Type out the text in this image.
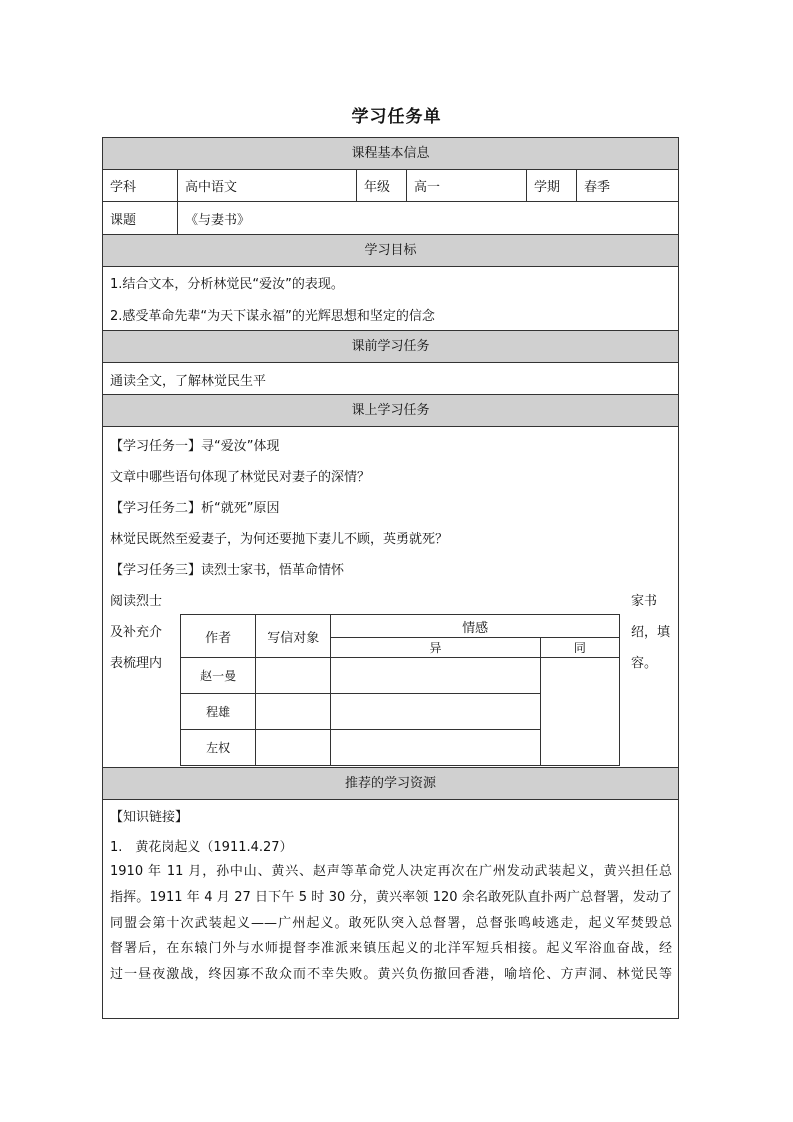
学习任务单
课程基本信息
学科	高中语文	年级	高一	学期	春季
课题	《与妻书》
学习目标
1.结合文本，分析林觉民“爱汝”的表现。
2.感受革命先辈“为天下谋永福”的光辉思想和坚定的信念
课前学习任务
通读全文，了解林觉民生平
课上学习任务
【学习任务一】寻“爱汝”体现
文章中哪些语句体现了林觉民对妻子的深情？
【学习任务二】析“就死”原因
林觉民既然至爱妻子，为何还要抛下妻儿不顾，英勇就死？
【学习任务三】读烈士家书，悟革命情怀
阅读烈士
及补充介
表梳理内
家书
绍，填
容。
作者	写信对象	情感	
		异	同
赵一曼			
程雄			
左权			
推荐的学习资源
【知识链接】
1.　黄花岗起义（1911.4.27）
1910 年 11 月，孙中山、黄兴、赵声等革命党人决定再次在广州发动武装起义，黄兴担任总
指挥。1911 年 4 月 27 日下午 5 时 30 分，黄兴率领 120 余名敢死队直扑两广总督署，发动了
同盟会第十次武装起义——广州起义。敢死队突入总督署，总督张鸣岐逃走，起义军焚毁总
督署后，在东辕门外与水师提督李准派来镇压起义的北洋军短兵相接。起义军浴血奋战，经
过一昼夜激战，终因寡不敌众而不幸失败。黄兴负伤撤回香港，喻培伦、方声洞、林觉民等
